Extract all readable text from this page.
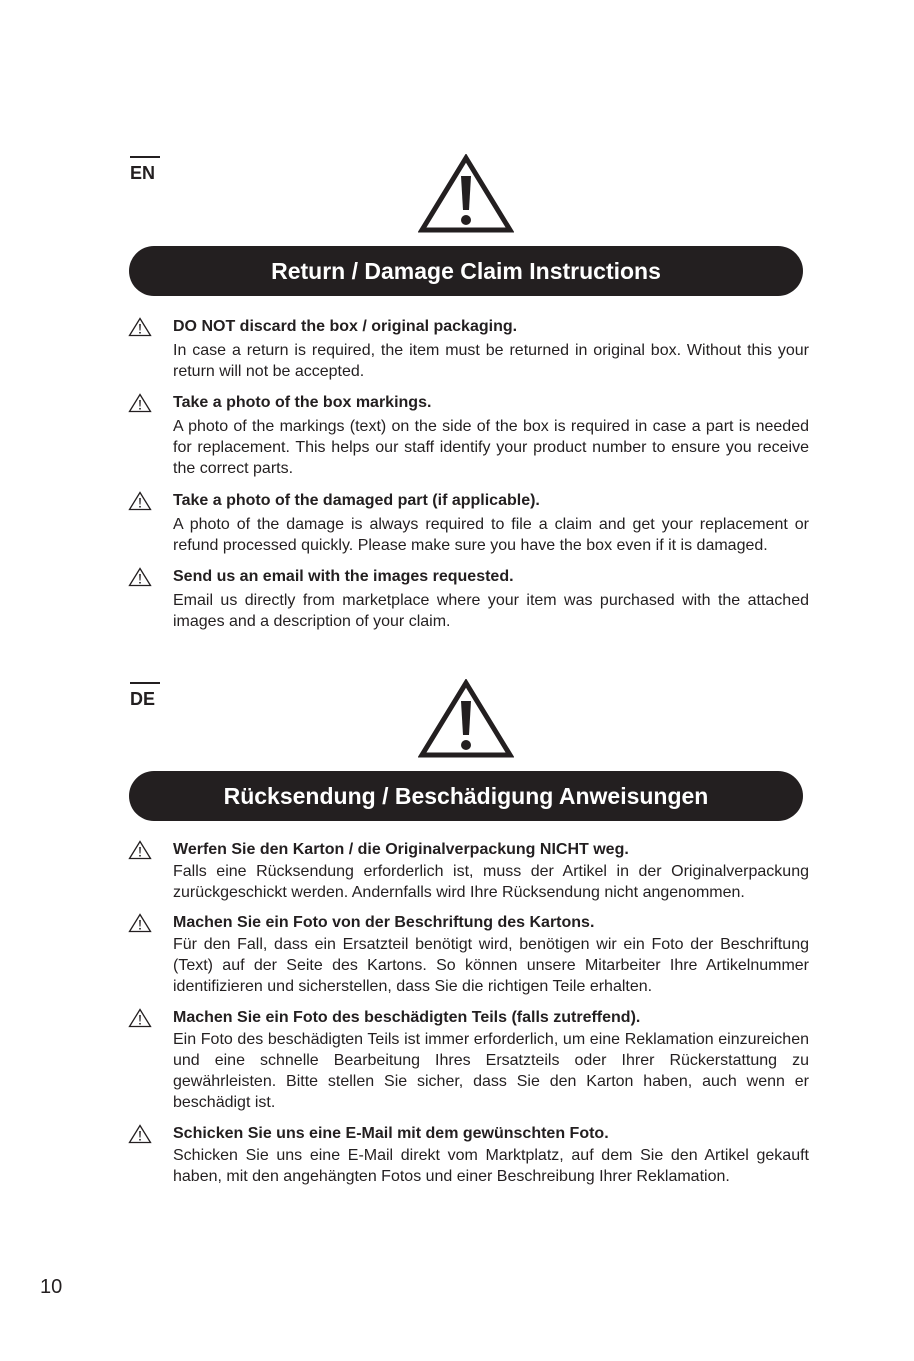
EN
Return / Damage Claim Instructions
DO NOT discard the box / original packaging.
In case a return is required, the item must be returned in original box. Without this your return will not be accepted.
Take a photo of the box markings.
A photo of the markings (text) on the side of the box is required in case a part is needed for replacement. This helps our staff identify your product number to ensure you receive the correct parts.
Take a photo of the damaged part (if applicable).
A photo of the damage is always required to file a claim and get your replacement or refund processed quickly. Please make sure you have the box even if it is damaged.
Send us an email with the images requested.
Email us directly from marketplace where your item was purchased with the attached images and a description of your claim.
DE
Rücksendung / Beschädigung Anweisungen
Werfen Sie den Karton / die Originalverpackung NICHT weg.
Falls eine Rücksendung erforderlich ist, muss der Artikel in der Originalverpackung zurückgeschickt werden. Andernfalls wird Ihre Rücksendung nicht angenommen.
Machen Sie ein Foto von der Beschriftung des Kartons.
Für den Fall, dass ein Ersatzteil benötigt wird, benötigen wir ein Foto der Beschriftung (Text) auf der Seite des Kartons. So können unsere Mitarbeiter Ihre Artikelnummer identifizieren und sicherstellen, dass Sie die richtigen Teile erhalten.
Machen Sie ein Foto des beschädigten Teils (falls zutreffend).
Ein Foto des beschädigten Teils ist immer erforderlich, um eine Reklamation einzureichen und eine schnelle Bearbeitung Ihres Ersatzteils oder Ihrer Rückerstattung zu gewährleisten. Bitte stellen Sie sicher, dass Sie den Karton haben, auch wenn er beschädigt ist.
Schicken Sie uns eine E-Mail mit dem gewünschten Foto.
Schicken Sie uns eine E-Mail direkt vom Marktplatz, auf dem Sie den Artikel gekauft haben, mit den angehängten Fotos und einer Beschreibung Ihrer Reklamation.
10
